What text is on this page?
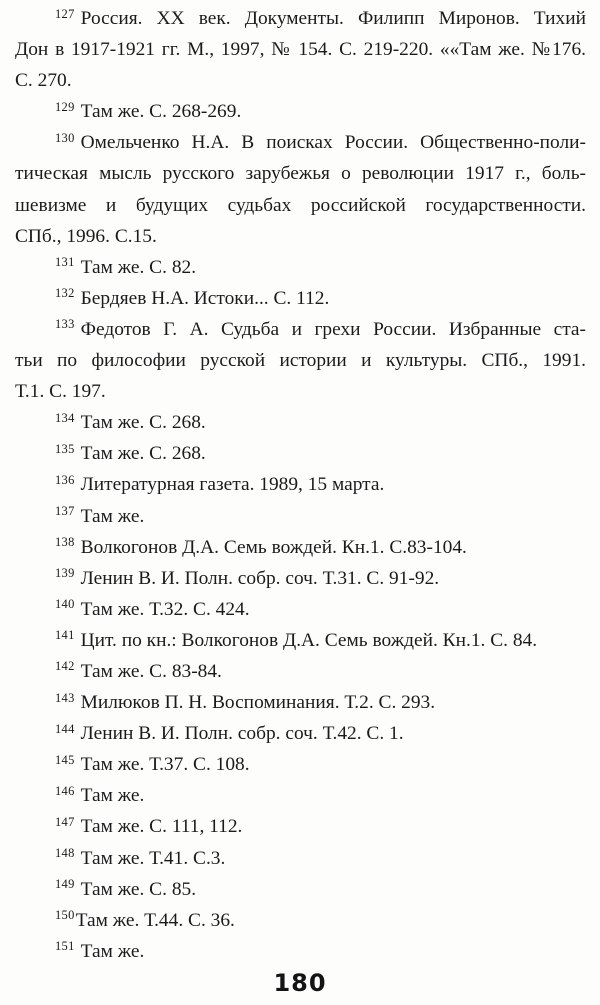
$^{127}$ Россия. XX век. Документы. Филипп Миронов. Тихий
Дон в 1917-1921 гг. М., 1997, № 154. С. 219-220. ««Там же. №176.
С. 270.
$^{129}$ Там же. С. 268-269.
$^{130}$ Омельченко Н.А. В поисках России. Общественно-поли-
тическая мысль русского зарубежья о революции 1917 г., боль-
шевизме и будущих судьбах российской государственности.
СПб., 1996. С.15.
$^{131}$ Там же. С. 82.
$^{132}$ Бердяев Н.А. Истоки... С. 112.
$^{133}$ Федотов Г. А. Судьба и грехи России. Избранные ста-
тьи по философии русской истории и культуры. СПб., 1991.
Т.1. С. 197.
$^{134}$ Там же. С. 268.
$^{135}$ Там же. С. 268.
$^{136}$ Литературная газета. 1989, 15 марта.
$^{137}$ Там же.
$^{138}$ Волкогонов Д.А. Семь вождей. Кн.1. С.83-104.
$^{139}$ Ленин В. И. Полн. собр. соч. Т.31. С. 91-92.
$^{140}$ Там же. Т.32. С. 424.
$^{141}$ Цит. по кн.: Волкогонов Д.А. Семь вождей. Кн.1. С. 84.
$^{142}$ Там же. С. 83-84.
$^{143}$ Милюков П. Н. Воспоминания. Т.2. С. 293.
$^{144}$ Ленин В. И. Полн. собр. соч. Т.42. С. 1.
$^{145}$ Там же. Т.37. С. 108.
$^{146}$ Там же.
$^{147}$ Там же. С. 111, 112.
$^{148}$ Там же. Т.41. С.3.
$^{149}$ Там же. С. 85.
$^{150}$Там же. Т.44. С. 36.
$^{151}$ Там же.
180
